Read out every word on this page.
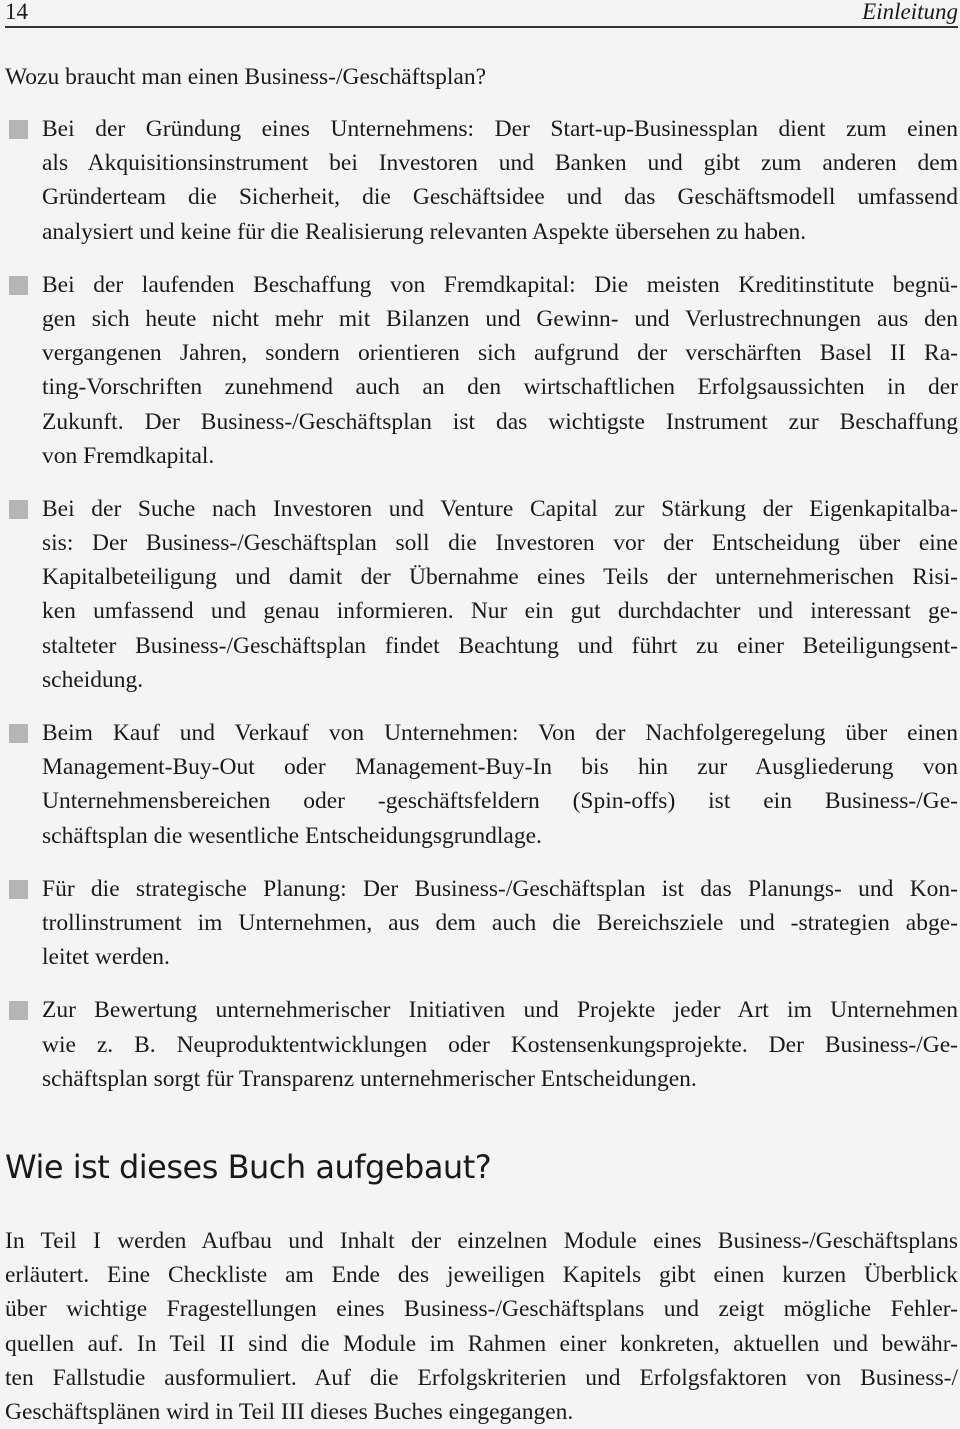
14	Einleitung
Wozu braucht man einen Business-/Geschäftsplan?
Bei der Gründung eines Unternehmens: Der Start-up-Businessplan dient zum einen
als Akquisitionsinstrument bei Investoren und Banken und gibt zum anderen dem
Gründerteam die Sicherheit, die Geschäftsidee und das Geschäftsmodell umfassend
analysiert und keine für die Realisierung relevanten Aspekte übersehen zu haben.
Bei der laufenden Beschaffung von Fremdkapital: Die meisten Kreditinstitute begnü-
gen sich heute nicht mehr mit Bilanzen und Gewinn- und Verlustrechnungen aus den
vergangenen Jahren, sondern orientieren sich aufgrund der verschärften Basel II Ra-
ting-Vorschriften zunehmend auch an den wirtschaftlichen Erfolgsaussichten in der
Zukunft. Der Business-/Geschäftsplan ist das wichtigste Instrument zur Beschaffung
von Fremdkapital.
Bei der Suche nach Investoren und Venture Capital zur Stärkung der Eigenkapitalba-
sis: Der Business-/Geschäftsplan soll die Investoren vor der Entscheidung über eine
Kapitalbeteiligung und damit der Übernahme eines Teils der unternehmerischen Risi-
ken umfassend und genau informieren. Nur ein gut durchdachter und interessant ge-
stalteter Business-/Geschäftsplan findet Beachtung und führt zu einer Beteiligungsent-
scheidung.
Beim Kauf und Verkauf von Unternehmen: Von der Nachfolgeregelung über einen
Management-Buy-Out oder Management-Buy-In bis hin zur Ausgliederung von
Unternehmensbereichen oder -geschäftsfeldern (Spin-offs) ist ein Business-/Ge-
schäftsplan die wesentliche Entscheidungsgrundlage.
Für die strategische Planung: Der Business-/Geschäftsplan ist das Planungs- und Kon-
trollinstrument im Unternehmen, aus dem auch die Bereichsziele und -strategien abge-
leitet werden.
Zur Bewertung unternehmerischer Initiativen und Projekte jeder Art im Unternehmen
wie z. B. Neuproduktentwicklungen oder Kostensenkungsprojekte. Der Business-/Ge-
schäftsplan sorgt für Transparenz unternehmerischer Entscheidungen.
Wie ist dieses Buch aufgebaut?
In Teil I werden Aufbau und Inhalt der einzelnen Module eines Business-/Geschäftsplans
erläutert. Eine Checkliste am Ende des jeweiligen Kapitels gibt einen kurzen Überblick
über wichtige Fragestellungen eines Business-/Geschäftsplans und zeigt mögliche Fehler-
quellen auf. In Teil II sind die Module im Rahmen einer konkreten, aktuellen und bewähr-
ten Fallstudie ausformuliert. Auf die Erfolgskriterien und Erfolgsfaktoren von Business-/
Geschäftsplänen wird in Teil III dieses Buches eingegangen.
